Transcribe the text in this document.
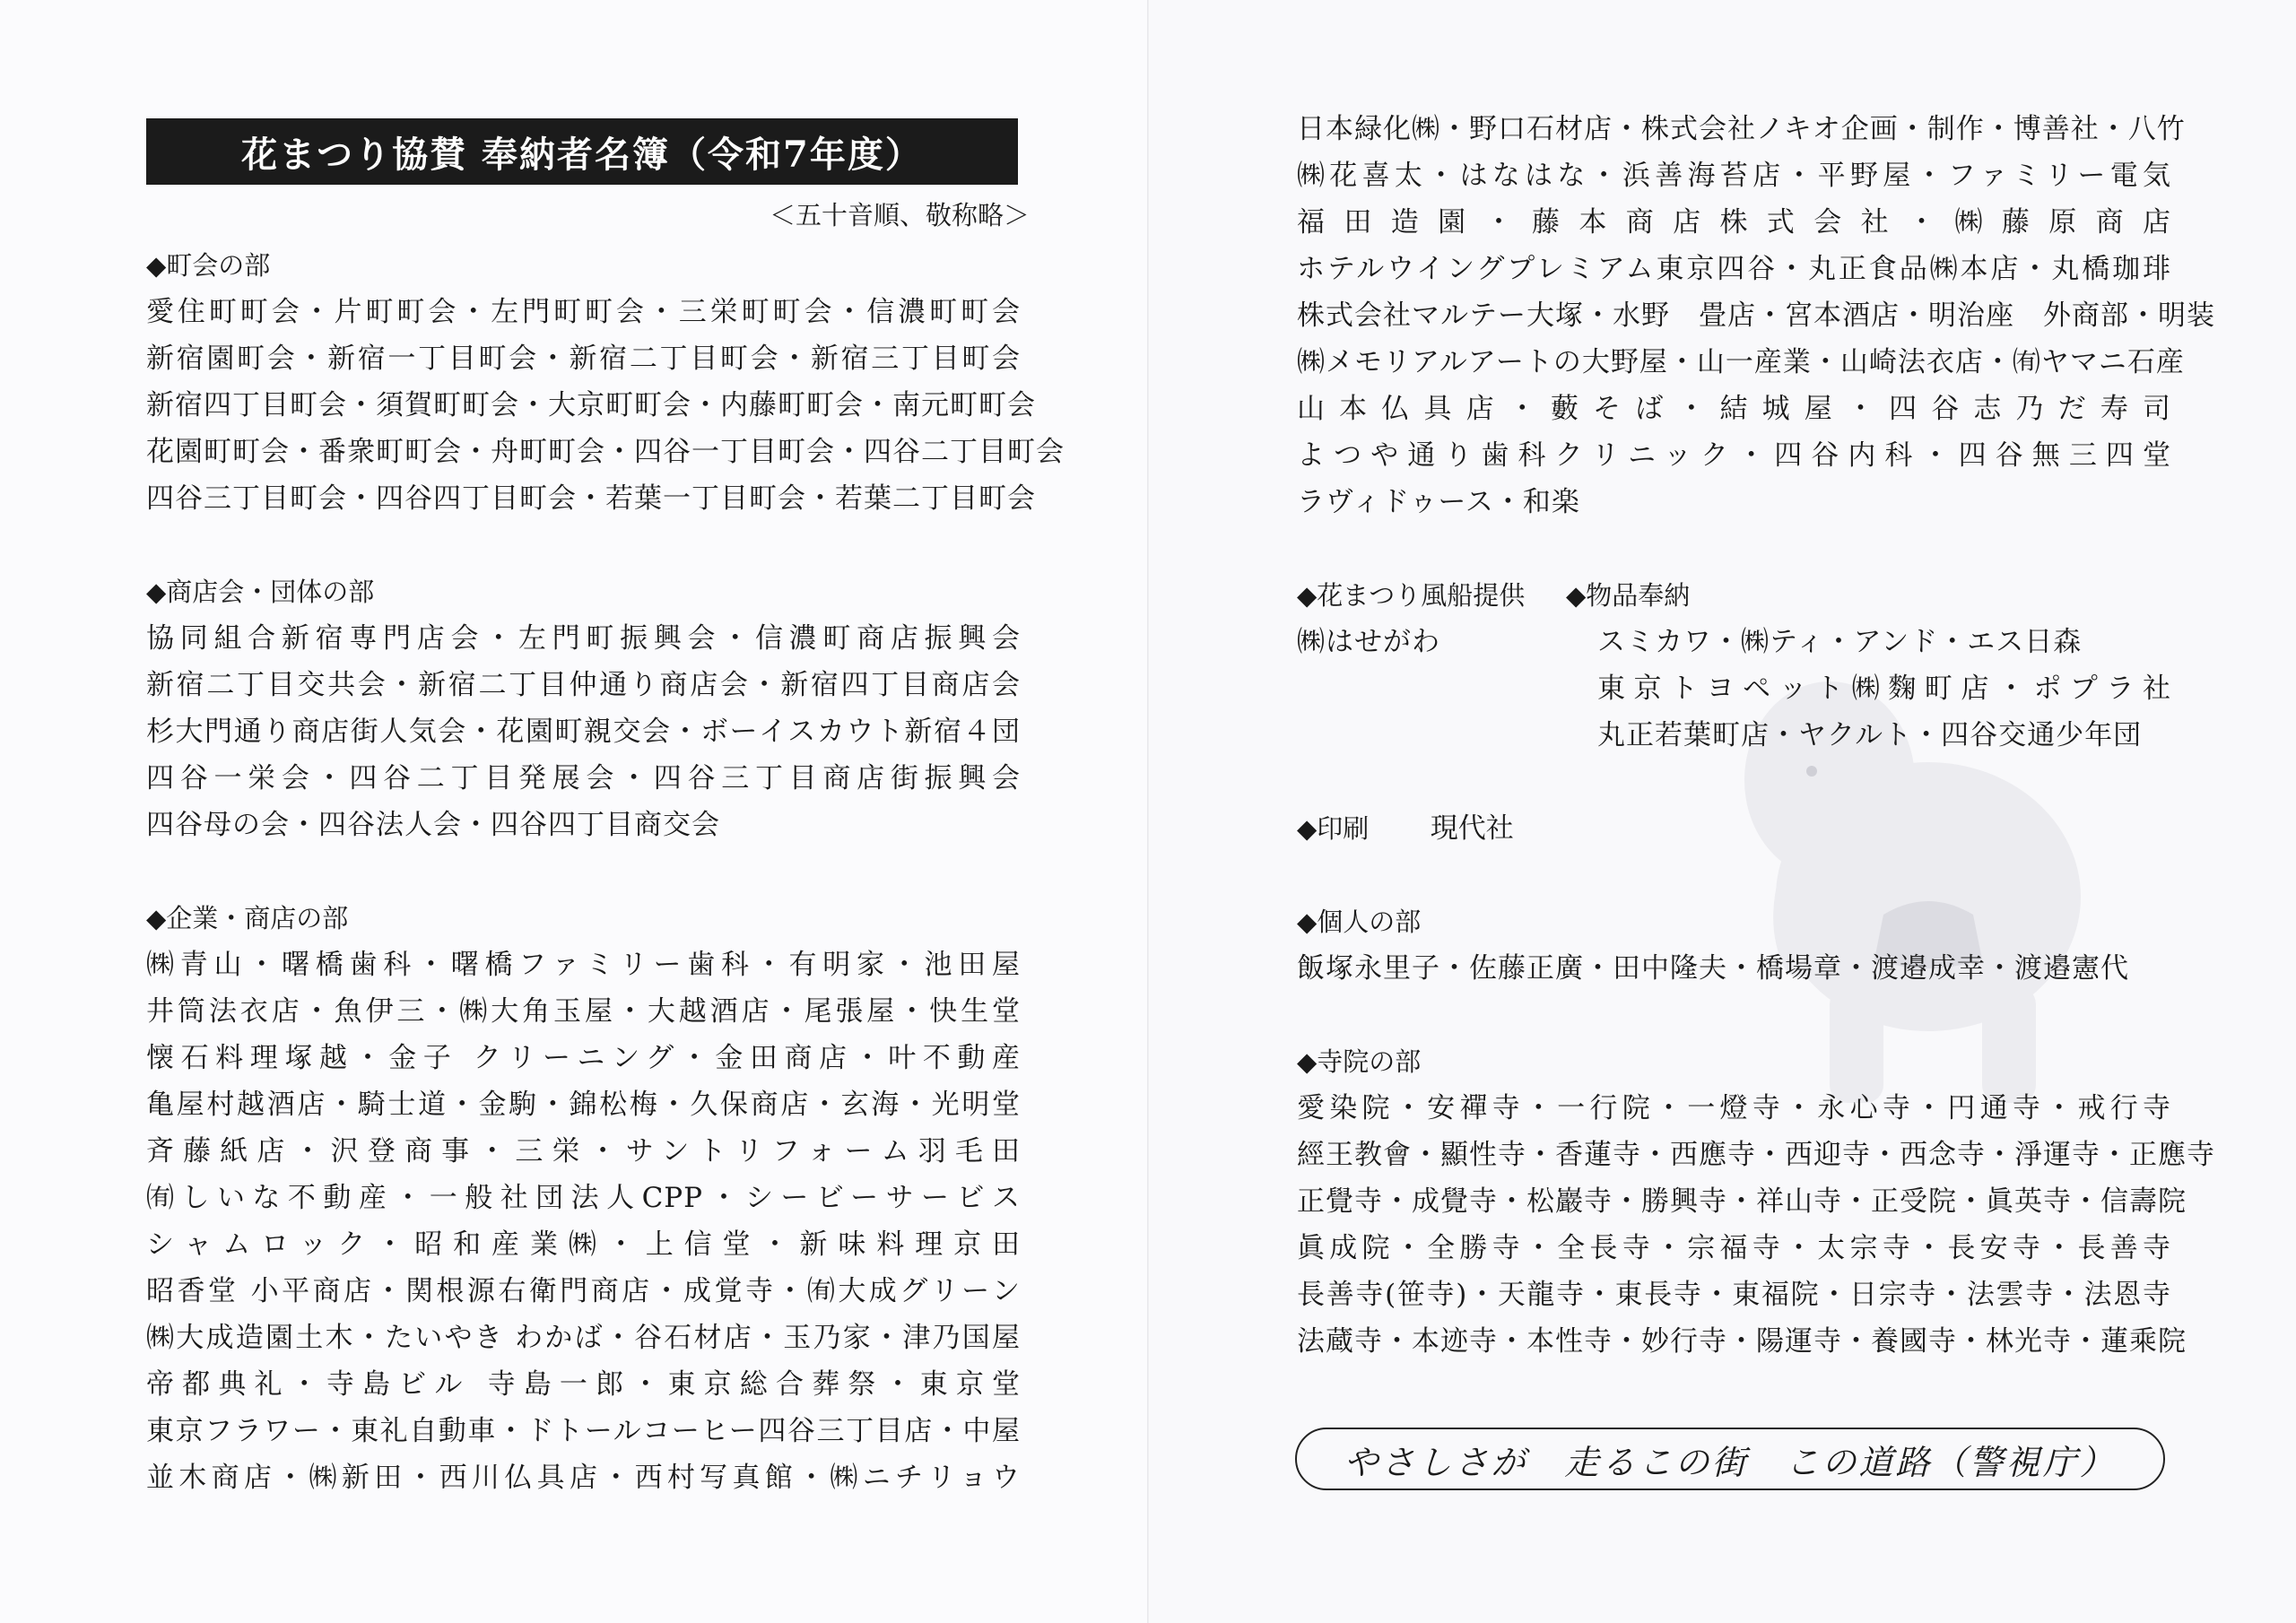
花まつり協賛 奉納者名簿（令和7年度）
＜五十音順、敬称略＞
◆町会の部
愛住町町会・片町町会・左門町町会・三栄町町会・信濃町町会
新宿園町会・新宿一丁目町会・新宿二丁目町会・新宿三丁目町会
新宿四丁目町会・須賀町町会・大京町町会・内藤町町会・南元町町会
花園町町会・番衆町町会・舟町町会・四谷一丁目町会・四谷二丁目町会
四谷三丁目町会・四谷四丁目町会・若葉一丁目町会・若葉二丁目町会
◆商店会・団体の部
協同組合新宿専門店会・左門町振興会・信濃町商店振興会
新宿二丁目交共会・新宿二丁目仲通り商店会・新宿四丁目商店会
杉大門通り商店街人気会・花園町親交会・ボーイスカウト新宿４団
四谷一栄会・四谷二丁目発展会・四谷三丁目商店街振興会
四谷母の会・四谷法人会・四谷四丁目商交会
◆企業・商店の部
㈱青山・曙橋歯科・曙橋ファミリー歯科・有明家・池田屋
井筒法衣店・魚伊三・㈱大角玉屋・大越酒店・尾張屋・快生堂
懐石料理塚越・金子 クリーニング・金田商店・叶不動産
亀屋村越酒店・騎士道・金駒・錦松梅・久保商店・玄海・光明堂
斉藤紙店・沢登商事・三栄・サントリフォーム羽毛田
㈲しいな不動産・一般社団法人CPP・シービーサービス
シャムロック・昭和産業㈱・上信堂・新味料理京田
昭香堂 小平商店・関根源右衛門商店・成覚寺・㈲大成グリーン
㈱大成造園土木・たいやき わかば・谷石材店・玉乃家・津乃国屋
帝都典礼・寺島ビル 寺島一郎・東京総合葬祭・東京堂
東京フラワー・東礼自動車・ドトールコーヒー四谷三丁目店・中屋
並木商店・㈱新田・西川仏具店・西村写真館・㈱ニチリョウ
日本緑化㈱・野口石材店・株式会社ノキオ企画・制作・博善社・八竹
㈱花喜太・はなはな・浜善海苔店・平野屋・ファミリー電気
福田造園・藤本商店株式会社・㈱藤原商店
ホテルウイングプレミアム東京四谷・丸正食品㈱本店・丸橋珈琲
株式会社マルテー大塚・水野　畳店・宮本酒店・明治座　外商部・明装
㈱メモリアルアートの大野屋・山一産業・山崎法衣店・㈲ヤマニ石産
山本仏具店・藪そば・結城屋・四谷志乃だ寿司
よつや通り歯科クリニック・四谷内科・四谷無三四堂
ラヴィドゥース・和楽
◆花まつり風船提供 ◆物品奉納
㈱はせがわ	スミカワ・㈱ティ・アンド・エス日森
東京トヨペット㈱麴町店・ポプラ社
丸正若葉町店・ヤクルト・四谷交通少年団
◆印刷 現代社
◆個人の部
飯塚永里子・佐藤正廣・田中隆夫・橋場章・渡邉成幸・渡邉憲代
◆寺院の部
愛染院・安禪寺・一行院・一燈寺・永心寺・円通寺・戒行寺
經王教會・顯性寺・香蓮寺・西應寺・西迎寺・西念寺・淨運寺・正應寺
正覺寺・成覺寺・松巖寺・勝興寺・祥山寺・正受院・眞英寺・信壽院
眞成院・全勝寺・全長寺・宗福寺・太宗寺・長安寺・長善寺
長善寺(笹寺)・天龍寺・東長寺・東福院・日宗寺・法雲寺・法恩寺
法蔵寺・本迹寺・本性寺・妙行寺・陽運寺・養國寺・林光寺・蓮乘院
やさしさが　走るこの街　この道路（警視庁）
